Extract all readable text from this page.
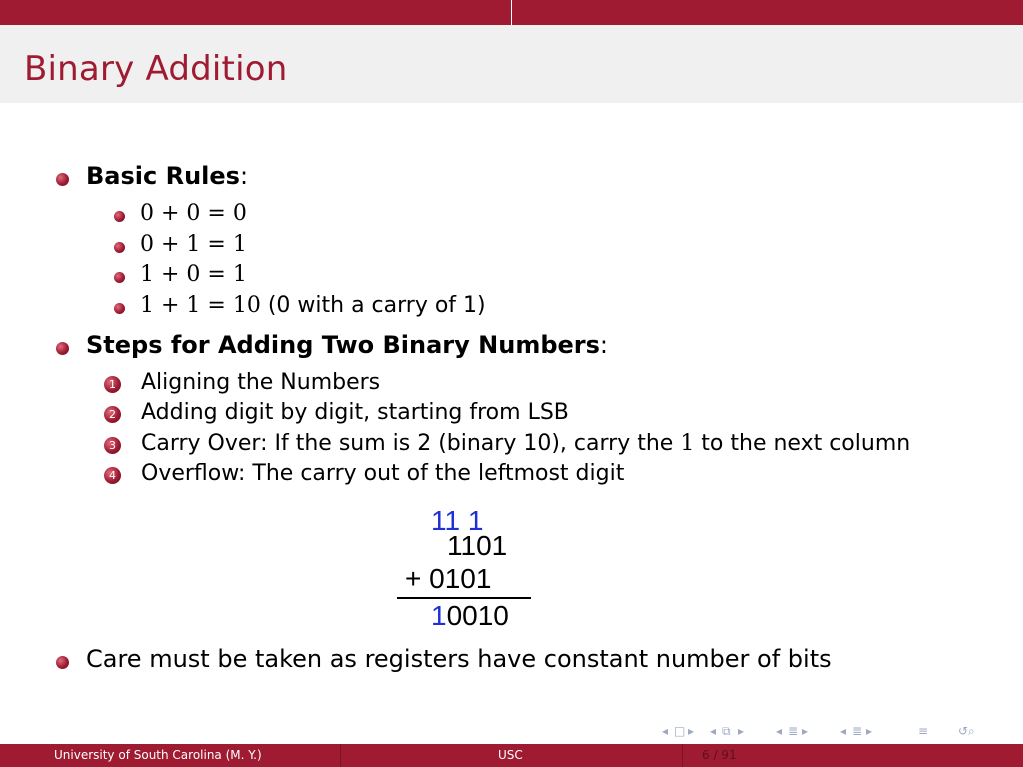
Binary Addition
Basic Rules:
0 + 0 = 0
0 + 1 = 1
1 + 0 = 1
1 + 1 = 10 (0 with a carry of 1)
Steps for Adding Two Binary Numbers:
1 Aligning the Numbers
2 Adding digit by digit, starting from LSB
3 Carry Over: If the sum is 2 (binary 10), carry the 1 to the next column
4 Overflow: The carry out of the leftmost digit
11 1
1101
+ 0101
10010
Care must be taken as registers have constant number of bits
◂ □ ▸ ◂ ⧉ ▸	◂ ≣ ▸	◂ ≣ ▸	≡ ↺⌕
University of South Carolina (M. Y.)	USC	6 / 91
